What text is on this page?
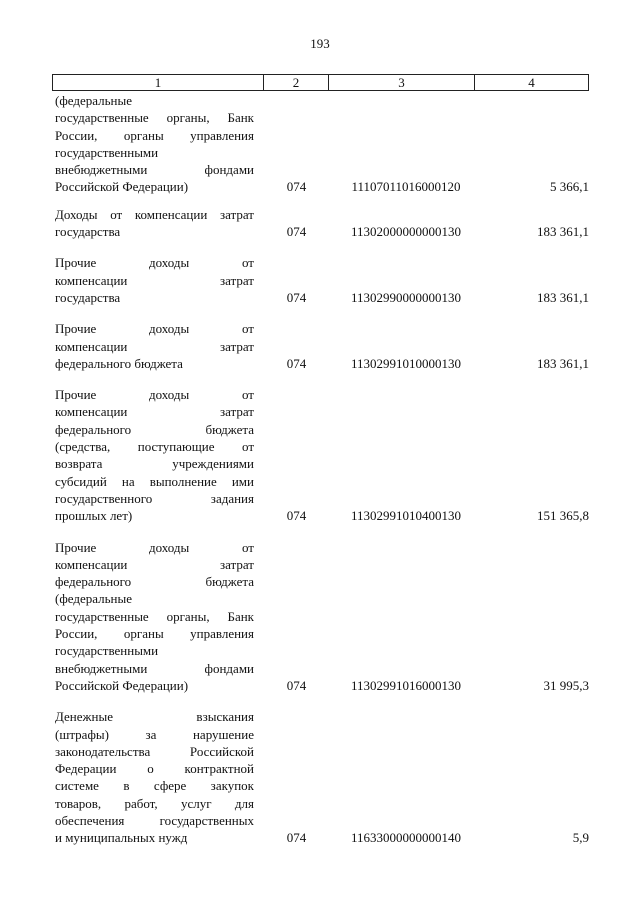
193
1	2	3	4
(федеральные
государственные органы, Банк
России, органы управления
государственными
внебюджетными фондами
Российской Федерации)	074	11107011016000120	5 366,1
Доходы от компенсации затрат
государства	074	11302000000000130	183 361,1
Прочие доходы от
компенсации затрат
государства	074	11302990000000130	183 361,1
Прочие доходы от
компенсации затрат
федерального бюджета	074	11302991010000130	183 361,1
Прочие доходы от
компенсации затрат
федерального бюджета
(средства, поступающие от
возврата учреждениями
субсидий на выполнение ими
государственного задания
прошлых лет)	074	11302991010400130	151 365,8
Прочие доходы от
компенсации затрат
федерального бюджета
(федеральные
государственные органы, Банк
России, органы управления
государственными
внебюджетными фондами
Российской Федерации)	074	11302991016000130	31 995,3
Денежные взыскания
(штрафы) за нарушение
законодательства Российской
Федерации о контрактной
системе в сфере закупок
товаров, работ, услуг для
обеспечения государственных
и муниципальных нужд	074	11633000000000140	5,9
